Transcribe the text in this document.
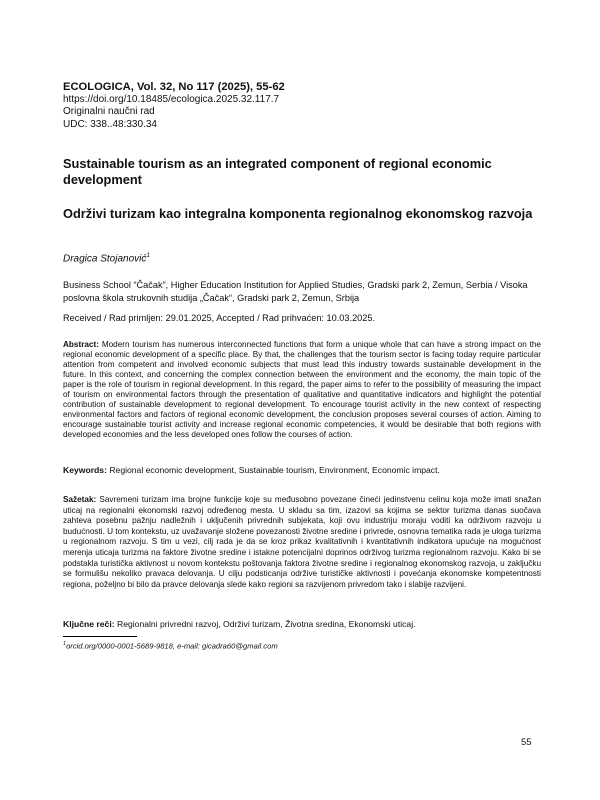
ECOLOGICA, Vol. 32, No 117 (2025), 55-62
https://doi.org/10.18485/ecologica.2025.32.117.7
Originalni naučni rad
UDC: 338..48:330.34
Sustainable tourism as an integrated component of regional economic development
Održivi turizam kao integralna komponenta regionalnog ekonomskog razvoja
Dragica Stojanović$^1$
Business School “Čačak”, Higher Education Institution for Applied Studies, Gradski park 2, Zemun, Serbia / Visoka poslovna škola strukovnih studija „Čačak“, Gradski park 2, Zemun, Srbija
Received / Rad primljen: 29.01.2025, Accepted / Rad prihvaćen: 10.03.2025.
Abstract: Modern tourism has numerous interconnected functions that form a unique whole that can have a strong impact on the regional economic development of a specific place. By that, the challenges that the tourism sector is facing today require particular attention from competent and involved economic subjects that must lead this industry towards sustainable development in the future. In this context, and concerning the complex connection between the environment and the economy, the main topic of the paper is the role of tourism in regional development. In this regard, the paper aims to refer to the possibility of measuring the impact of tourism on environmental factors through the presentation of qualitative and quantitative indicators and highlight the potential contribution of sustainable development to regional development. To encourage tourist activity in the new context of respecting environmental factors and factors of regional economic development, the conclusion proposes several courses of action. Aiming to encourage sustainable tourist activity and increase regional economic competencies, it would be desirable that both regions with developed economies and the less developed ones follow the courses of action.
Keywords: Regional economic development, Sustainable tourism, Environment, Economic impact.
Sažetak: Savremeni turizam ima brojne funkcije koje su međusobno povezane čineći jedinstvenu celinu koja može imati snažan uticaj na regionalni ekonomski razvoj određenog mesta. U skladu sa tim, izazovi sa kojima se sektor turizma danas suočava zahteva posebnu pažnju nadležnih i uključenih privrednih subjekata, koji ovu industriju moraju voditi ka održivom razvoju u budućnosti. U tom kontekstu, uz uvažavanje složene povezanosti životne sredine i privrede, osnovna tematika rada je uloga turizma u regionalnom razvoju. S tim u vezi, cilj rada je da se kroz prikaz kvalitativnih i kvantitativnih indikatora upućuje na mogućnost merenja uticaja turizma na faktore životne sredine i istakne potencijalni doprinos održivog turizma regionalnom razvoju. Kako bi se podstakla turistička aktivnost u novom kontekstu poštovanja faktora životne sredine i regionalnog ekonomskog razvoja, u zaključku se formulišu nekoliko pravaca delovanja. U cilju podsticanja održive turističke aktivnosti i povećanja ekonomske kompetentnosti regiona, poželjno bi bilo da pravce delovanja slede kako regioni sa razvijenom privredom tako i slabije razvijeni.
Ključne reči: Regionalni privredni razvoj, Održivi turizam, Životna sredina, Ekonomski uticaj.
$^1$orcid.org/0000-0001-5689-9818, e-mail: gicadra60@gmail.com
55
